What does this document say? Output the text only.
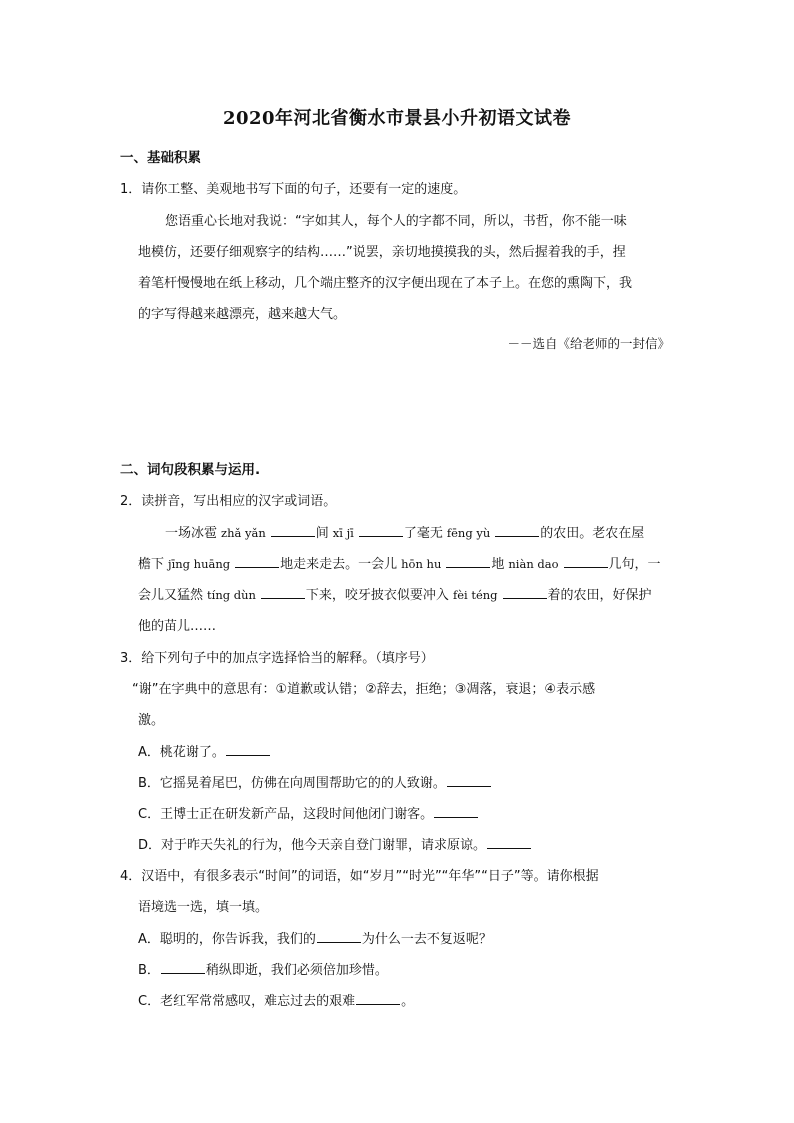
2020年河北省衡水市景县小升初语文试卷
一、基础积累
1．请你工整、美观地书写下面的句子，还要有一定的速度。
您语重心长地对我说：“字如其人，每个人的字都不同，所以，书哲，你不能一味
地模仿，还要仔细观察字的结构……”说罢，亲切地摸摸我的头，然后握着我的手，捏
着笔杆慢慢地在纸上移动，几个端庄整齐的汉字便出现在了本子上。在您的熏陶下，我
的字写得越来越漂亮，越来越大气。
－－选自《给老师的一封信》
二、词句段积累与运用.
2．读拼音，写出相应的汉字或词语。
一场冰雹 zhǎ yǎn	间 xī jī	了毫无 fēng yù	的农田。老农在屋
檐下 jīng huāng	地走来走去。一会儿 hōn hu	地 niàn dao	几句，一
会儿又猛然 tíng dùn	下来，咬牙披衣似要冲入 fèi téng	着的农田，好保护
他的苗儿……
3．给下列句子中的加点字选择恰当的解释。（填序号）
“谢”在字典中的意思有：①道歉或认错；②辞去，拒绝；③凋落，衰退；④表示感
激。
A．桃花谢了。
B．它摇晃着尾巴，仿佛在向周围帮助它的的人致谢。
C．王博士正在研发新产品，这段时间他闭门谢客。
D．对于昨天失礼的行为，他今天亲自登门谢罪，请求原谅。
4．汉语中，有很多表示“时间”的词语，如“岁月”“时光”“年华”“日子”等。请你根据
语境选一选，填一填。
A．聪明的，你告诉我，我们的	为什么一去不复返呢？
B．	稍纵即逝，我们必须倍加珍惜。
C．老红军常常感叹，难忘过去的艰难	。
